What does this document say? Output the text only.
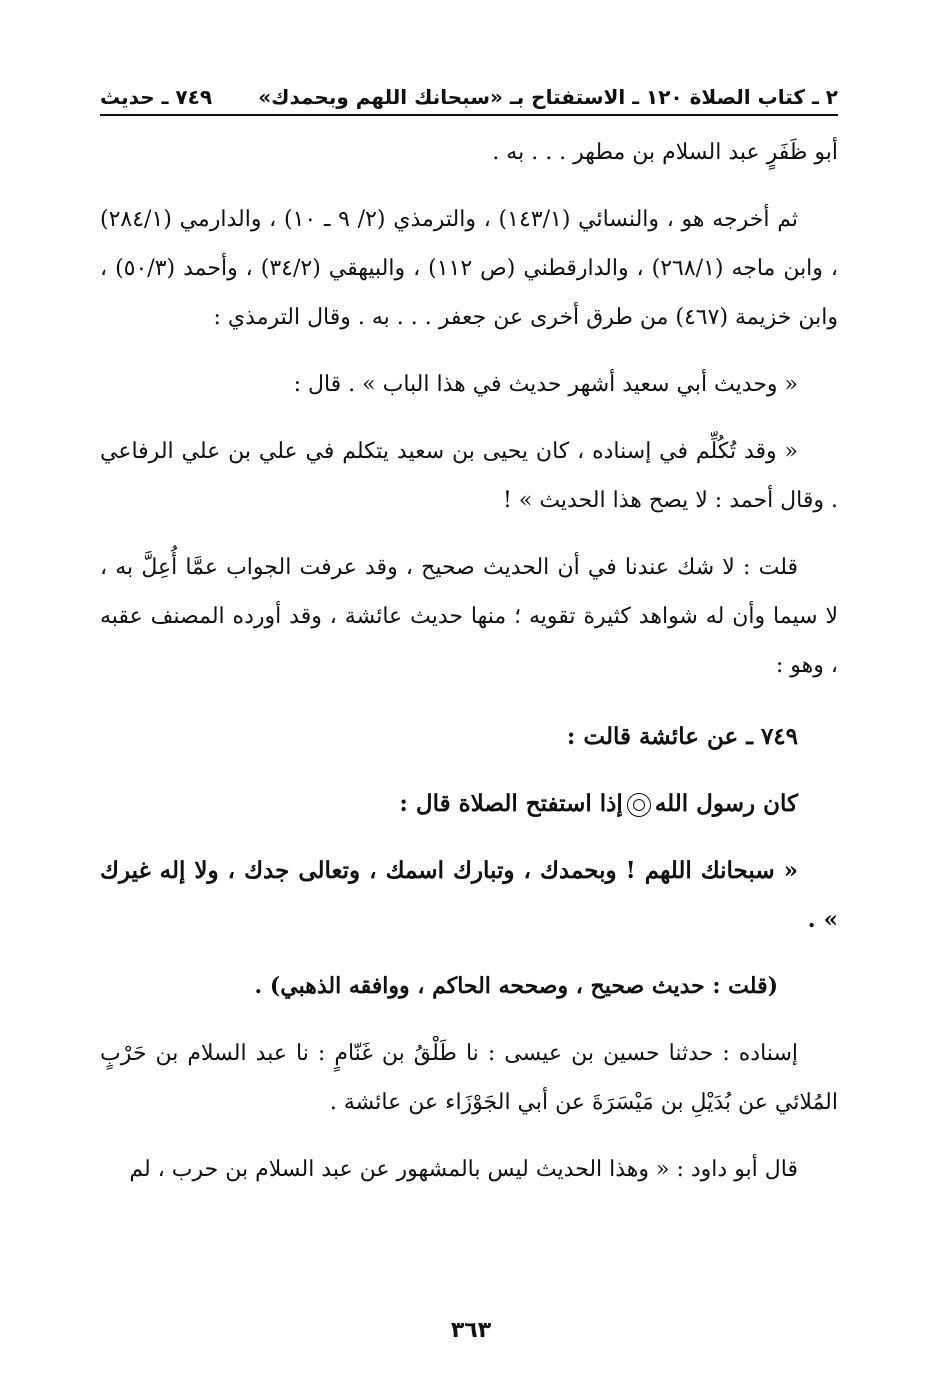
٢ ـ كتاب الصلاة ١٢٠ ـ الاستفتاح بـ «سبحانك اللهم وبحمدك»
٧٤٩ ـ حديث

أبو ظَفَرٍ عبد السلام بن مطهر . . . به .

ثم أخرجه هو ، والنسائي (١٤٣/١) ، والترمذي (٢/ ٩ ـ ١٠) ، والدارمي (٢٨٤/١) ، وابن ماجه (٢٦٨/١) ، والدارقطني (ص ١١٢) ، والبيهقي (٣٤/٢) ، وأحمد (٥٠/٣) ، وابن خزيمة (٤٦٧) من طرق أخرى عن جعفر . . . به . وقال الترمذي :

« وحديث أبي سعيد أشهر حديث في هذا الباب » . قال :

« وقد تُكُلِّم في إسناده ، كان يحيى بن سعيد يتكلم في علي بن علي الرفاعي . وقال أحمد : لا يصح هذا الحديث » !

قلت : لا شك عندنا في أن الحديث صحيح ، وقد عرفت الجواب عمَّا أُعِلَّ به ، لا سيما وأن له شواهد كثيرة تقويه ؛ منها حديث عائشة ، وقد أورده المصنف عقبه ، وهو :

٧٤٩ ـ عن عائشة قالت :

كان رسول اللهإذا استفتح الصلاة قال :

« سبحانك اللهم ! وبحمدك ، وتبارك اسمك ، وتعالى جدك ، ولا إله غيرك » .

(قلت : حديث صحيح ، وصححه الحاكم ، ووافقه الذهبي) .

إسناده : حدثنا حسين بن عيسى : نا طَلْقُ بن غَنّامٍ : نا عبد السلام بن حَرْبٍ المُلائي عن بُدَيْلِ بن مَيْسَرَةَ عن أبي الجَوْزَاء عن عائشة .

قال أبو داود : « وهذا الحديث ليس بالمشهور عن عبد السلام بن حرب ، لم

٣٦٣
